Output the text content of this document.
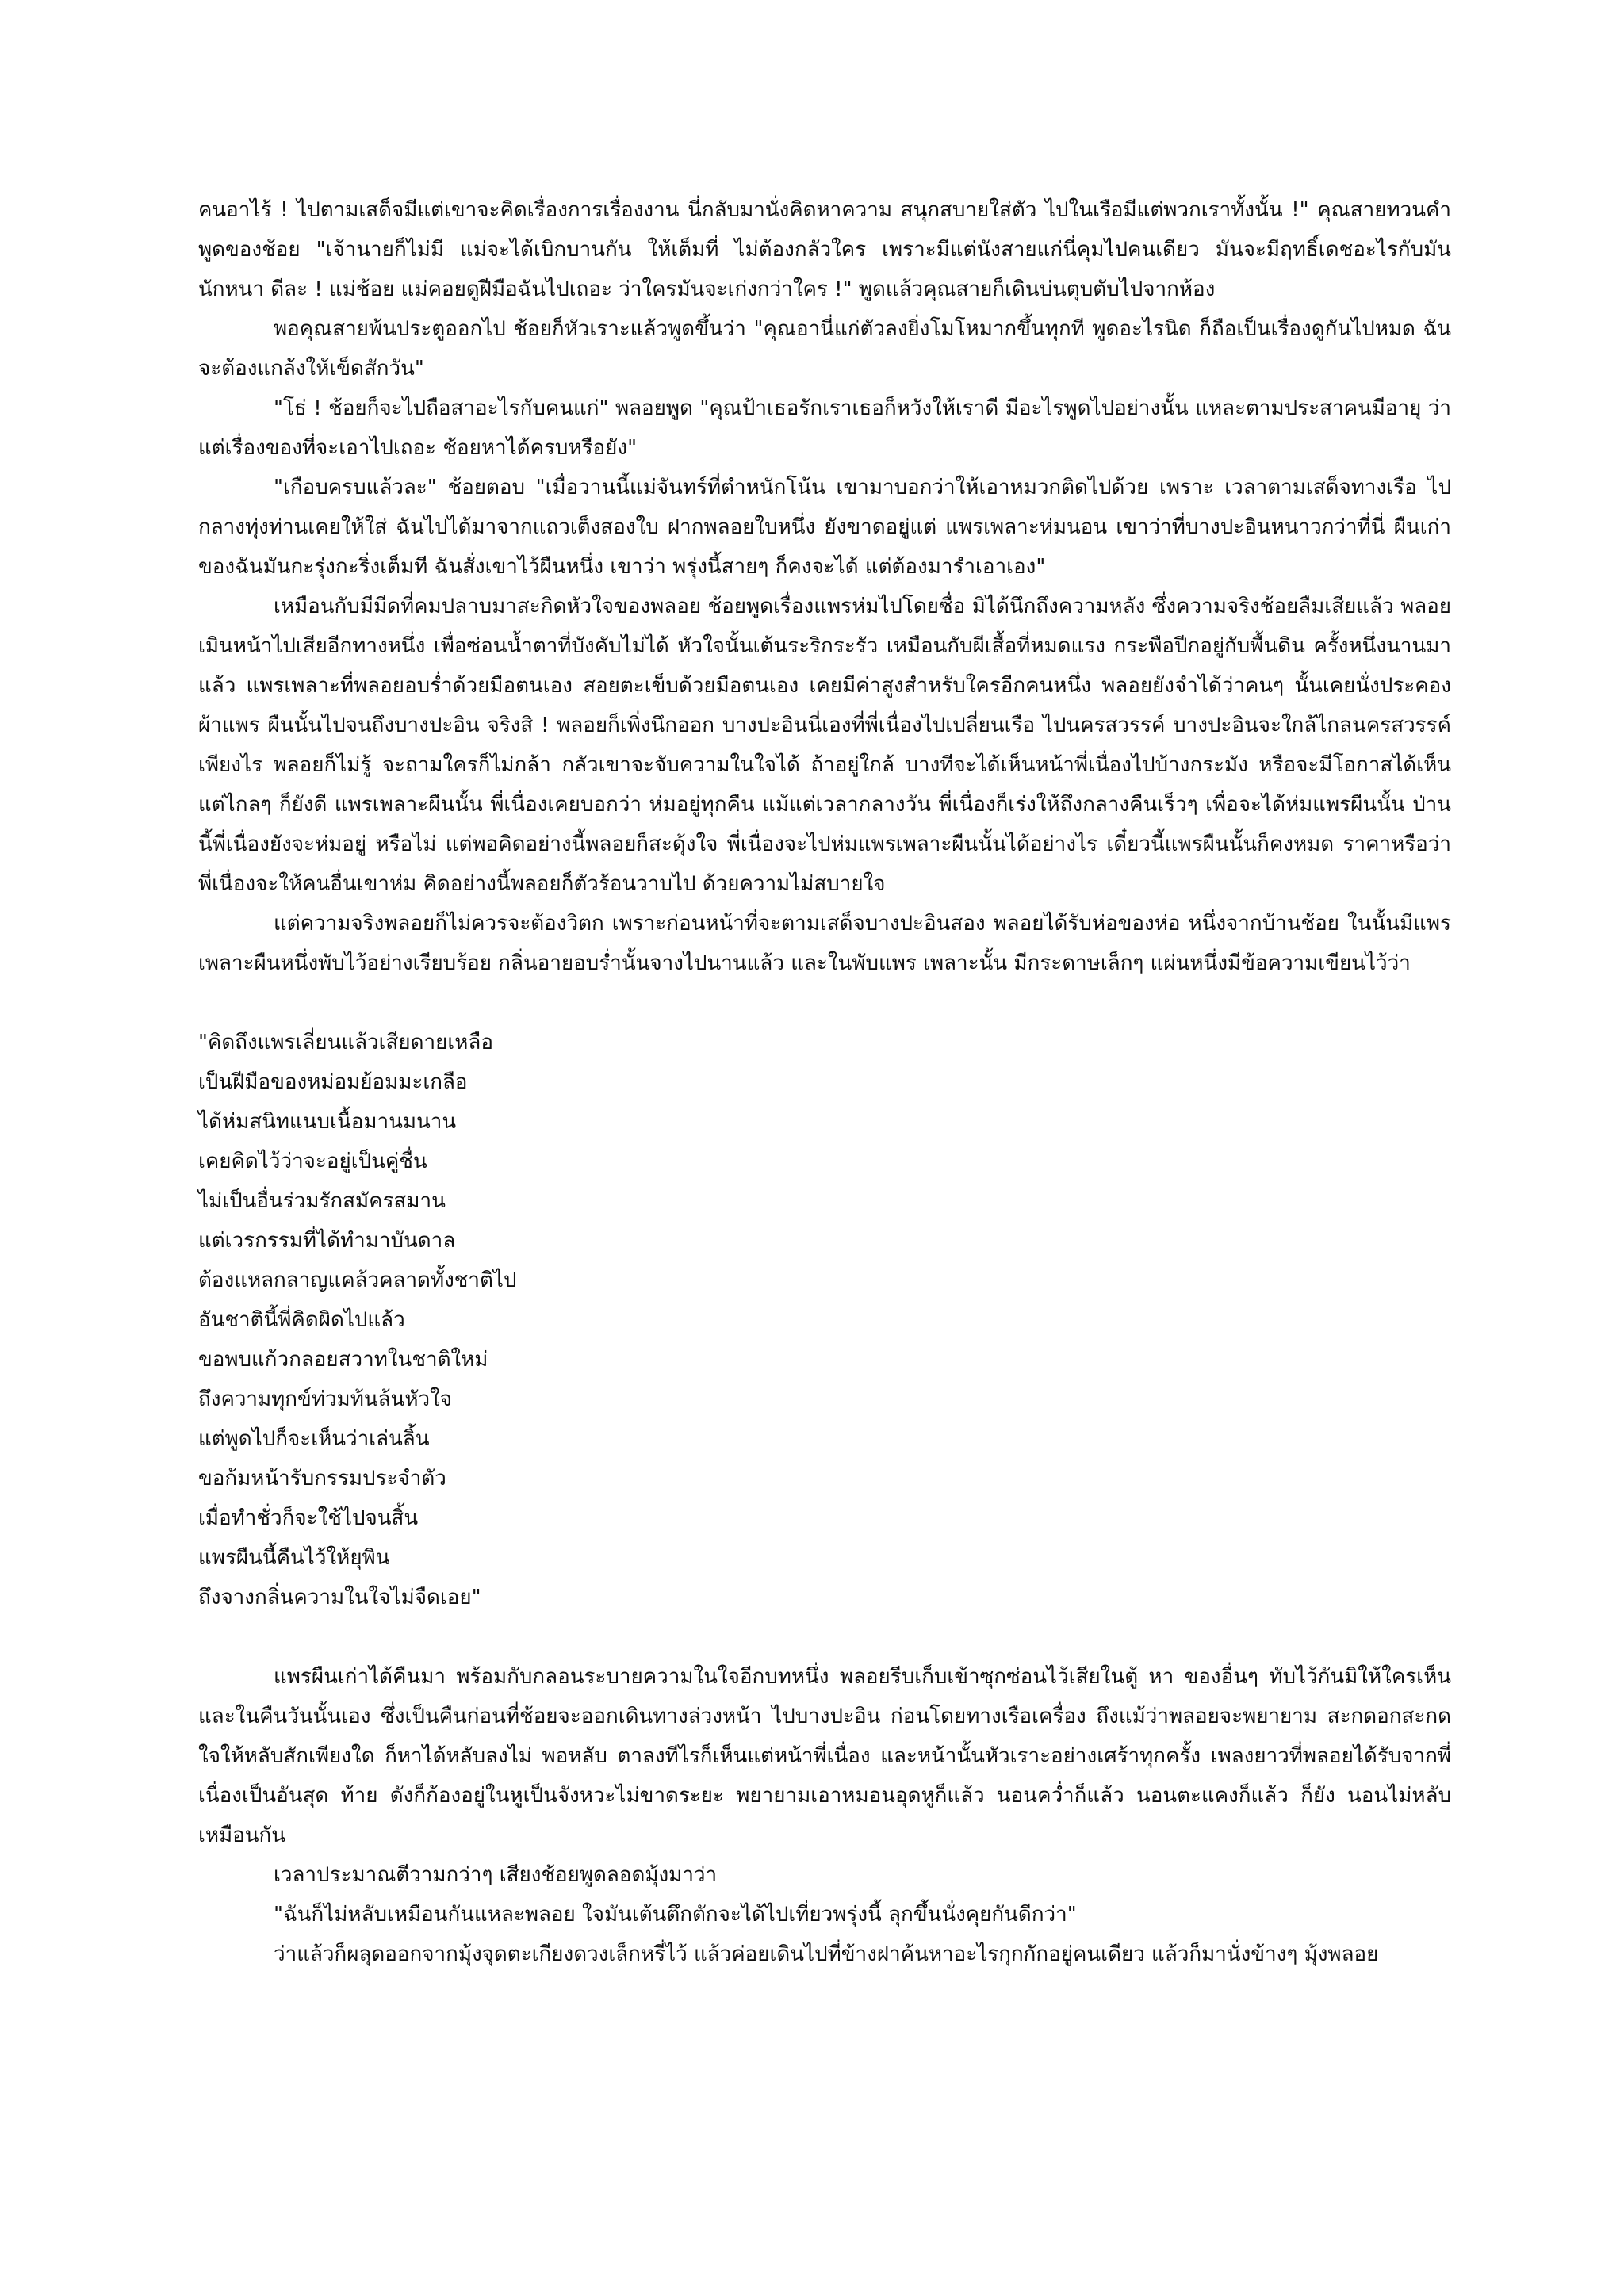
คนอาไร้ ! ไปตามเสด็จมีแต่เขาจะคิดเรื่องการเรื่องงาน นี่กลับมานั่งคิดหาความ สนุกสบายใส่ตัว ไปในเรือมีแต่พวกเราทั้งนั้น !" คุณสายทวนคำพูดของช้อย "เจ้านายก็ไม่มี แม่จะได้เบิกบานกัน ให้เต็มที่ ไม่ต้องกลัวใคร เพราะมีแต่นังสายแก่นี่คุมไปคนเดียว มันจะมีฤทธิ์เดชอะไรกับมันนักหนา ดีละ ! แม่ช้อย แม่คอยดูฝีมือฉันไปเถอะ ว่าใครมันจะเก่งกว่าใคร !" พูดแล้วคุณสายก็เดินบ่นตุบตับไปจากห้อง

พอคุณสายพ้นประตูออกไป ช้อยก็หัวเราะแล้วพูดขึ้นว่า "คุณอานี่แก่ตัวลงยิ่งโมโหมากขึ้นทุกที พูดอะไรนิด ก็ถือเป็นเรื่องดูกันไปหมด ฉันจะต้องแกล้งให้เข็ดสักวัน"

"โธ่ ! ช้อยก็จะไปถือสาอะไรกับคนแก่" พลอยพูด "คุณป้าเธอรักเราเธอก็หวังให้เราดี มีอะไรพูดไปอย่างนั้น แหละตามประสาคนมีอายุ ว่าแต่เรื่องของที่จะเอาไปเถอะ ช้อยหาได้ครบหรือยัง"

"เกือบครบแล้วละ" ช้อยตอบ "เมื่อวานนี้แม่จันทร์ที่ตำหนักโน้น เขามาบอกว่าให้เอาหมวกติดไปด้วย เพราะ เวลาตามเสด็จทางเรือ ไปกลางทุ่งท่านเคยให้ใส่ ฉันไปได้มาจากแถวเต็งสองใบ ฝากพลอยใบหนึ่ง ยังขาดอยู่แต่ แพรเพลาะห่มนอน เขาว่าที่บางปะอินหนาวกว่าที่นี่ ผืนเก่าของฉันมันกะรุ่งกะริ่งเต็มที ฉันสั่งเขาไว้ผืนหนึ่ง เขาว่า พรุ่งนี้สายๆ ก็คงจะได้ แต่ต้องมารำเอาเอง"

เหมือนกับมีมีดที่คมปลาบมาสะกิดหัวใจของพลอย ช้อยพูดเรื่องแพรห่มไปโดยซื่อ มิได้นึกถึงความหลัง ซึ่งความจริงช้อยลืมเสียแล้ว พลอยเมินหน้าไปเสียอีกทางหนึ่ง เพื่อซ่อนน้ำตาที่บังคับไม่ได้ หัวใจนั้นเต้นระริกระรัว เหมือนกับผีเสื้อที่หมดแรง กระพือปีกอยู่กับพื้นดิน ครั้งหนึ่งนานมาแล้ว แพรเพลาะที่พลอยอบร่ำด้วยมือตนเอง สอยตะเข็บด้วยมือตนเอง เคยมีค่าสูงสำหรับใครอีกคนหนึ่ง พลอยยังจำได้ว่าคนๆ นั้นเคยนั่งประคองผ้าแพร ผืนนั้นไปจนถึงบางปะอิน จริงสิ ! พลอยก็เพิ่งนึกออก บางปะอินนี่เองที่พี่เนื่องไปเปลี่ยนเรือ ไปนครสวรรค์ บางปะอินจะใกล้ไกลนครสวรรค์เพียงไร พลอยก็ไม่รู้ จะถามใครก็ไม่กล้า กลัวเขาจะจับความในใจได้ ถ้าอยู่ใกล้ บางทีจะได้เห็นหน้าพี่เนื่องไปบ้างกระมัง หรือจะมีโอกาสได้เห็นแต่ไกลๆ ก็ยังดี แพรเพลาะผืนนั้น พี่เนื่องเคยบอกว่า ห่มอยู่ทุกคืน แม้แต่เวลากลางวัน พี่เนื่องก็เร่งให้ถึงกลางคืนเร็วๆ เพื่อจะได้ห่มแพรผืนนั้น ป่านนี้พี่เนื่องยังจะห่มอยู่ หรือไม่ แต่พอคิดอย่างนี้พลอยก็สะดุ้งใจ พี่เนื่องจะไปห่มแพรเพลาะผืนนั้นได้อย่างไร เดี๋ยวนี้แพรผืนนั้นก็คงหมด ราคาหรือว่าพี่เนื่องจะให้คนอื่นเขาห่ม คิดอย่างนี้พลอยก็ตัวร้อนวาบไป ด้วยความไม่สบายใจ

แต่ความจริงพลอยก็ไม่ควรจะต้องวิตก เพราะก่อนหน้าที่จะตามเสด็จบางปะอินสอง พลอยได้รับห่อของห่อ หนึ่งจากบ้านช้อย ในนั้นมีแพรเพลาะผืนหนึ่งพับไว้อย่างเรียบร้อย กลิ่นอายอบร่ำนั้นจางไปนานแล้ว และในพับแพร เพลาะนั้น มีกระดาษเล็กๆ แผ่นหนึ่งมีข้อความเขียนไว้ว่า

"คิดถึงแพรเลี่ยนแล้วเสียดายเหลือ
เป็นฝีมือของหม่อมย้อมมะเกลือ
ได้ห่มสนิทแนบเนื้อมานมนาน
เคยคิดไว้ว่าจะอยู่เป็นคู่ชื่น
ไม่เป็นอื่นร่วมรักสมัครสมาน
แต่เวรกรรมที่ได้ทำมาบันดาล
ต้องแหลกลาญแคล้วคลาดทั้งชาติไป
อันชาตินี้พี่คิดผิดไปแล้ว
ขอพบแก้วกลอยสวาทในชาติใหม่
ถึงความทุกข์ท่วมท้นล้นหัวใจ
แต่พูดไปก็จะเห็นว่าเล่นลิ้น
ขอก้มหน้ารับกรรมประจำตัว
เมื่อทำชั่วก็จะใช้ไปจนสิ้น
แพรผืนนี้คืนไว้ให้ยุพิน
ถึงจางกลิ่นความในใจไม่จืดเอย"

แพรผืนเก่าได้คืนมา พร้อมกับกลอนระบายความในใจอีกบทหนึ่ง พลอยรีบเก็บเข้าซุกซ่อนไว้เสียในตู้ หา ของอื่นๆ ทับไว้กันมิให้ใครเห็น และในคืนวันนั้นเอง ซึ่งเป็นคืนก่อนที่ช้อยจะออกเดินทางล่วงหน้า ไปบางปะอิน ก่อนโดยทางเรือเครื่อง ถึงแม้ว่าพลอยจะพยายาม สะกดอกสะกดใจให้หลับสักเพียงใด ก็หาได้หลับลงไม่ พอหลับ ตาลงทีไรก็เห็นแต่หน้าพี่เนื่อง และหน้านั้นหัวเราะอย่างเศร้าทุกครั้ง เพลงยาวที่พลอยได้รับจากพี่เนื่องเป็นอันสุด ท้าย ดังก็ก้องอยู่ในหูเป็นจังหวะไม่ขาดระยะ พยายามเอาหมอนอุดหูก็แล้ว นอนคว่ำก็แล้ว นอนตะแคงก็แล้ว ก็ยัง นอนไม่หลับเหมือนกัน

เวลาประมาณตีวามกว่าๆ เสียงช้อยพูดลอดมุ้งมาว่า

"ฉันก็ไม่หลับเหมือนกันแหละพลอย ใจมันเต้นตึกตักจะได้ไปเที่ยวพรุ่งนี้ ลุกขึ้นนั่งคุยกันดีกว่า"

ว่าแล้วก็ผลุดออกจากมุ้งจุดตะเกียงดวงเล็กหรี่ไว้ แล้วค่อยเดินไปที่ข้างฝาค้นหาอะไรกุกกักอยู่คนเดียว แล้วก็มานั่งข้างๆ มุ้งพลอย
